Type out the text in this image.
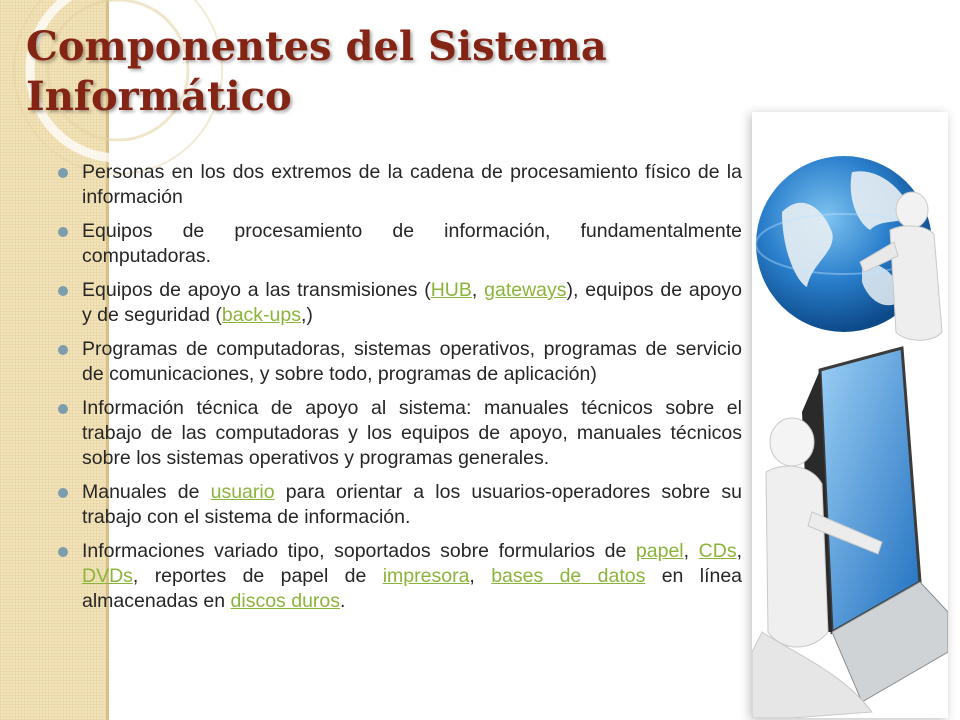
Componentes del Sistema Informático
Personas en los dos extremos de la cadena de procesamiento físico de la información
Equipos de procesamiento de información, fundamentalmente computadoras.
Equipos de apoyo a las transmisiones (HUB, gateways), equipos de apoyo y de seguridad (back-ups,)
Programas de computadoras, sistemas operativos, programas de servicio de comunicaciones, y sobre todo, programas de aplicación)
Información técnica de apoyo al sistema: manuales técnicos sobre el trabajo de las computadoras y los equipos de apoyo, manuales técnicos sobre los sistemas operativos y programas generales.
Manuales de usuario para orientar a los usuarios-operadores sobre su trabajo con el sistema de información.
Informaciones variado tipo, soportados sobre formularios de papel, CDs, DVDs, reportes de papel de impresora, bases de datos en línea almacenadas en discos duros.
